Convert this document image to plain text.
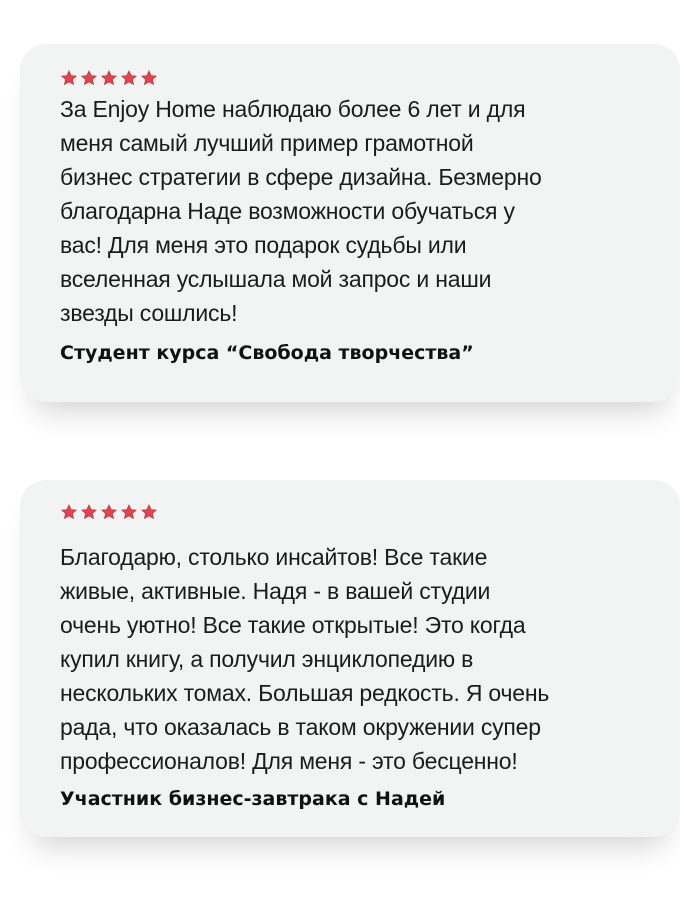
За Enjoy Home наблюдаю более 6 лет и для
меня самый лучший пример грамотной
бизнес стратегии в сфере дизайна. Безмерно
благодарна Наде возможности обучаться у
вас! Для меня это подарок судьбы или
вселенная услышала мой запрос и наши
звезды сошлись!

Студент курса “Свобода творчества”

Благодарю, столько инсайтов! Все такие
живые, активные. Надя - в вашей студии
очень уютно! Все такие открытые! Это когда
купил книгу, а получил энциклопедию в
нескольких томах. Большая редкость. Я очень
рада, что оказалась в таком окружении супер
профессионалов! Для меня - это бесценно!

Участник бизнес-завтрака с Надей
